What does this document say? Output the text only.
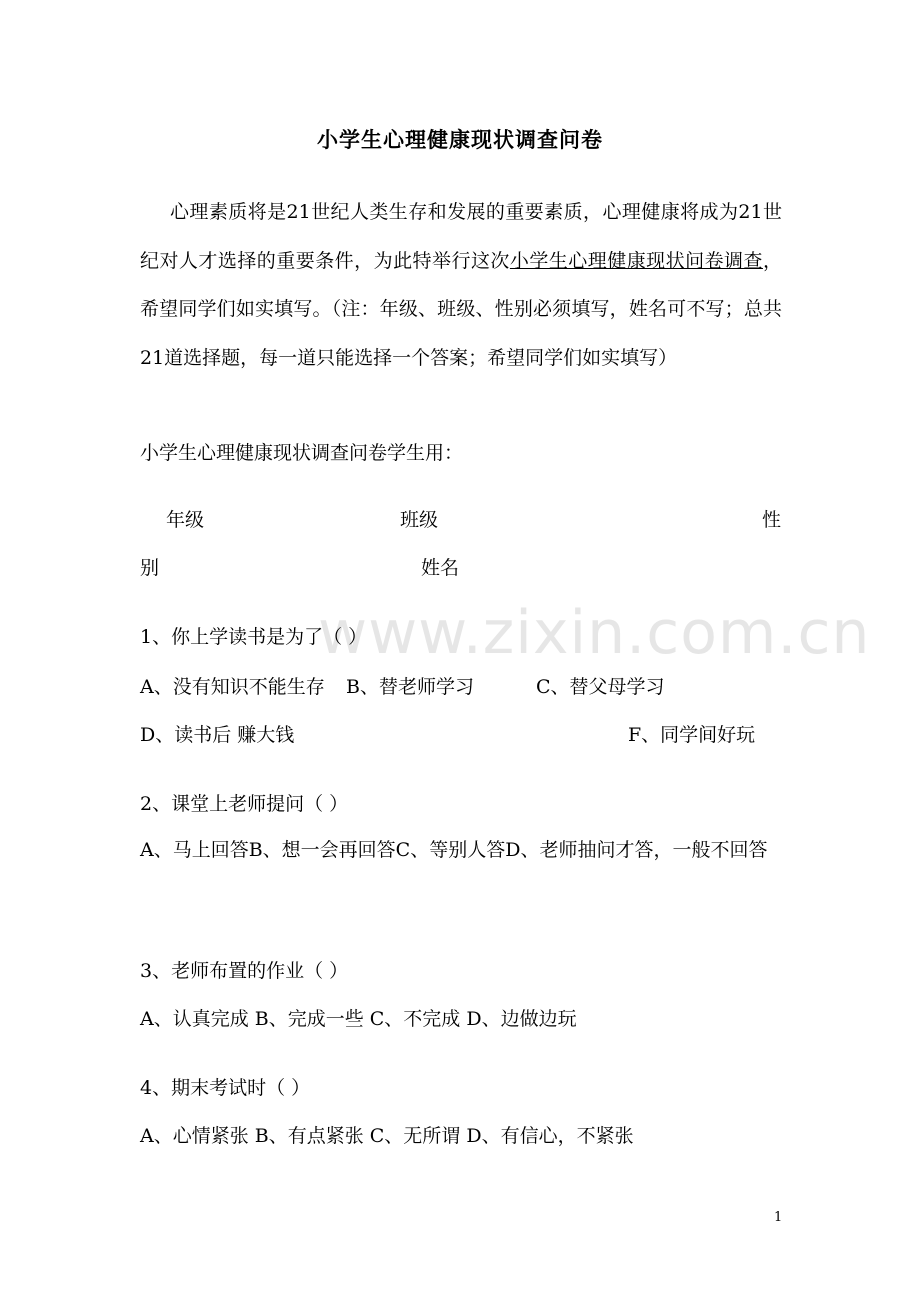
www.zixin.com.cn
小学生心理健康现状调查问卷
心理素质将是21世纪人类生存和发展的重要素质，心理健康将成为21世纪对人才选择的重要条件，为此特举行这次小学生心理健康现状问卷调查，希望同学们如实填写。（注：年级、班级、性别必须填写，姓名可不写；总共21道选择题，每一道只能选择一个答案；希望同学们如实填写）
小学生心理健康现状调查问卷学生用：
年级	班级	性
别	姓名
1、你上学读书是为了（ ）
A、没有知识不能生存 B、替老师学习	C、替父母学习
D、读书后 赚大钱	F、同学间好玩
2、课堂上老师提问（ ）
A、马上回答B、想一会再回答C、等别人答D、老师抽问才答，一般不回答
3、老师布置的作业（ ）
A、认真完成 B、完成一些 C、不完成 D、边做边玩
4、期末考试时（ ）
A、心情紧张 B、有点紧张 C、无所谓 D、有信心，不紧张
1
